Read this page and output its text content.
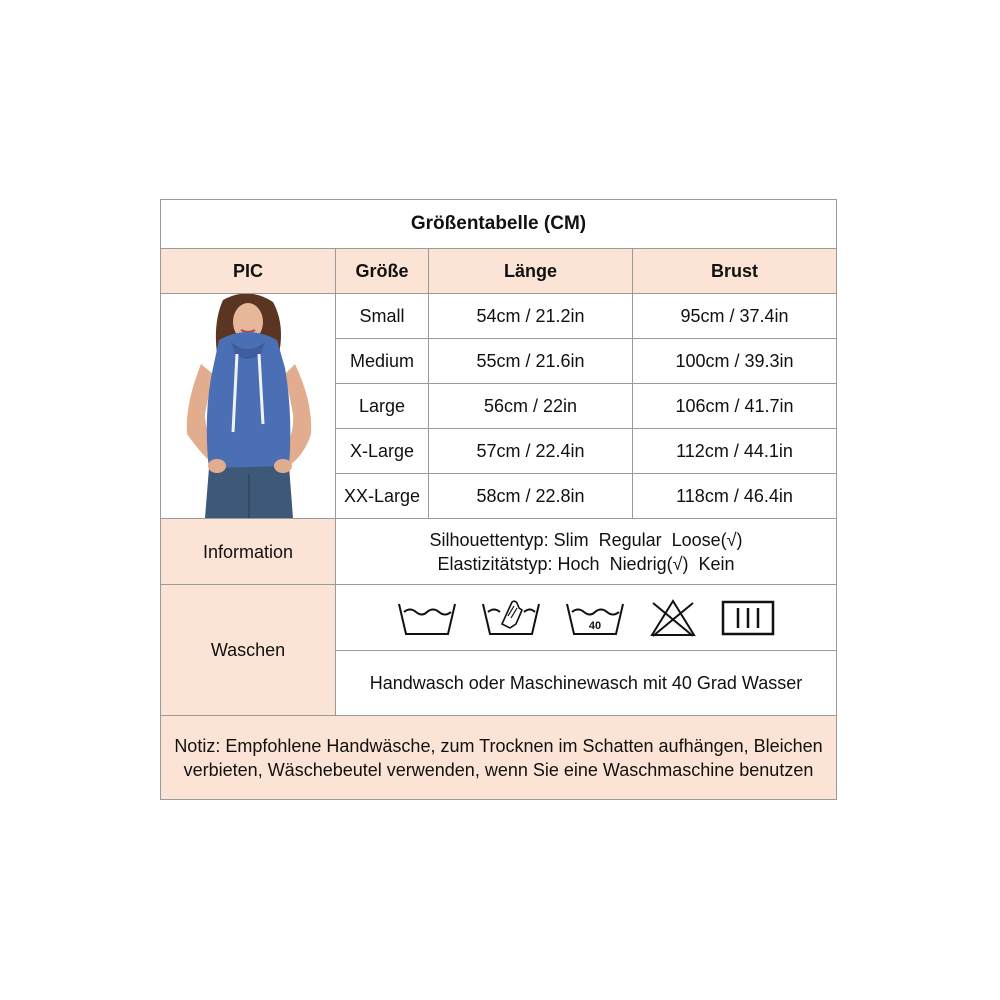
Größentabelle (CM)
PIC	Größe	Länge	Brust
Small	54cm / 21.2in	95cm / 37.4in
Medium	55cm / 21.6in	100cm / 39.3in
Large	56cm / 22in	106cm / 41.7in
X-Large	57cm / 22.4in	112cm / 44.1in
XX-Large	58cm / 22.8in	118cm / 46.4in
Information
Silhouettentyp: Slim  Regular  Loose(√)
Elastizitätstyp: Hoch  Niedrig(√)  Kein
Waschen
40
Handwasch oder Maschinewasch mit 40 Grad Wasser
Notiz: Empfohlene Handwäsche, zum Trocknen im Schatten aufhängen, Bleichen verbieten, Wäschebeutel verwenden, wenn Sie eine Waschmaschine benutzen
